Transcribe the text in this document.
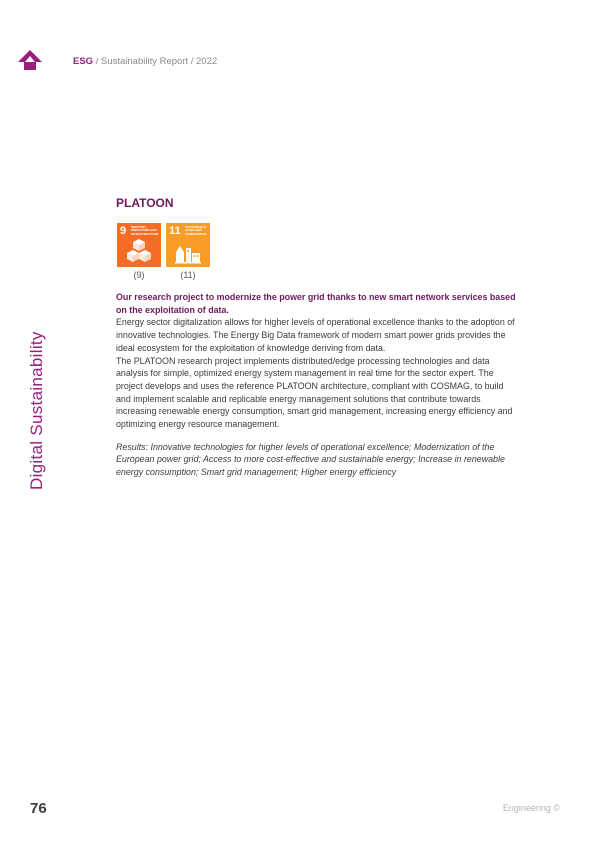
ESG / Sustainability Report / 2022
Digital Sustainability
PLATOON
9 INDUSTRY, INNOVATION AND INFRASTRUCTURE 11 SUSTAINABLE CITIES AND COMMUNITIES
(9)	(11)

Our research project to modernize the power grid thanks to new smart network services based on the exploitation of data.

Energy sector digitalization allows for higher levels of operational excellence thanks to the adoption of innovative technologies. The Energy Big Data framework of modern smart power grids provides the ideal ecosystem for the exploitation of knowledge deriving from data.

The PLATOON research project implements distributed/edge processing technologies and data analysis for simple, optimized energy system management in real time for the sector expert. The project develops and uses the reference PLATOON architecture, compliant with COSMAG, to build and implement scalable and replicable energy management solutions that contribute towards increasing renewable energy consumption, smart grid management, increasing energy efficiency and optimizing energy resource management.

Results: Innovative technologies for higher levels of operational excellence; Modernization of the European power grid; Access to more cost-effective and sustainable energy; Increase in renewable energy consumption; Smart grid management; Higher energy efficiency

76	Engineering ©
